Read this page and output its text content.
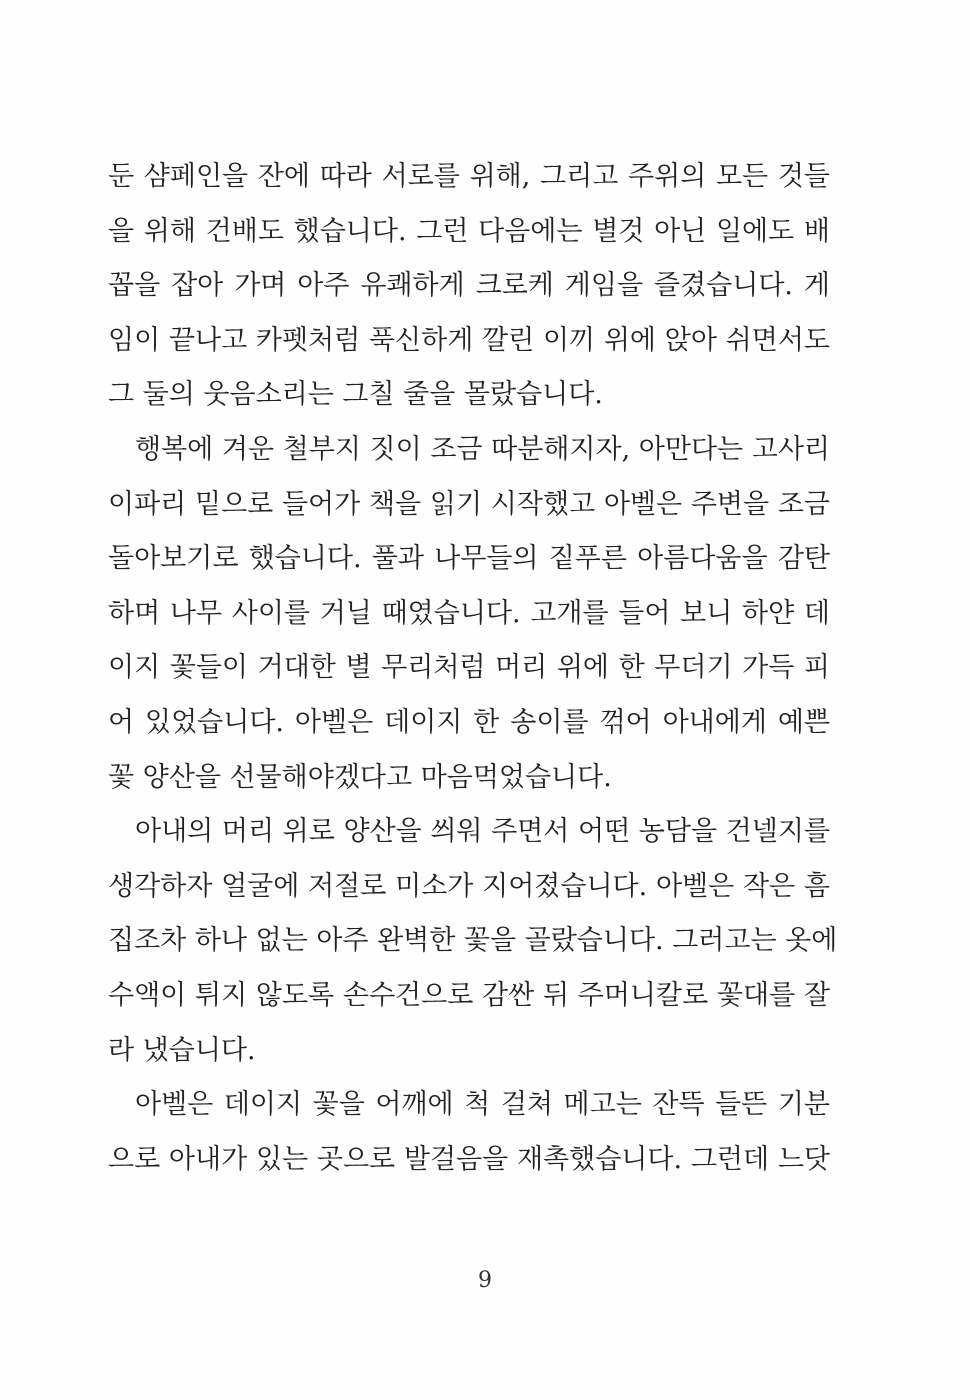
둔 샴페인을 잔에 따라 서로를 위해, 그리고 주위의 모든 것들
을 위해 건배도 했습니다. 그런 다음에는 별것 아닌 일에도 배
꼽을 잡아 가며 아주 유쾌하게 크로케 게임을 즐겼습니다. 게
임이 끝나고 카펫처럼 푹신하게 깔린 이끼 위에 앉아 쉬면서도
그 둘의 웃음소리는 그칠 줄을 몰랐습니다.
행복에 겨운 철부지 짓이 조금 따분해지자, 아만다는 고사리
이파리 밑으로 들어가 책을 읽기 시작했고 아벨은 주변을 조금
돌아보기로 했습니다. 풀과 나무들의 짙푸른 아름다움을 감탄
하며 나무 사이를 거닐 때였습니다. 고개를 들어 보니 하얀 데
이지 꽃들이 거대한 별 무리처럼 머리 위에 한 무더기 가득 피
어 있었습니다. 아벨은 데이지 한 송이를 꺾어 아내에게 예쁜
꽃 양산을 선물해야겠다고 마음먹었습니다.
아내의 머리 위로 양산을 씌워 주면서 어떤 농담을 건넬지를
생각하자 얼굴에 저절로 미소가 지어졌습니다. 아벨은 작은 흠
집조차 하나 없는 아주 완벽한 꽃을 골랐습니다. 그러고는 옷에
수액이 튀지 않도록 손수건으로 감싼 뒤 주머니칼로 꽃대를 잘
라 냈습니다.
아벨은 데이지 꽃을 어깨에 척 걸쳐 메고는 잔뜩 들뜬 기분
으로 아내가 있는 곳으로 발걸음을 재촉했습니다. 그런데 느닷
9
